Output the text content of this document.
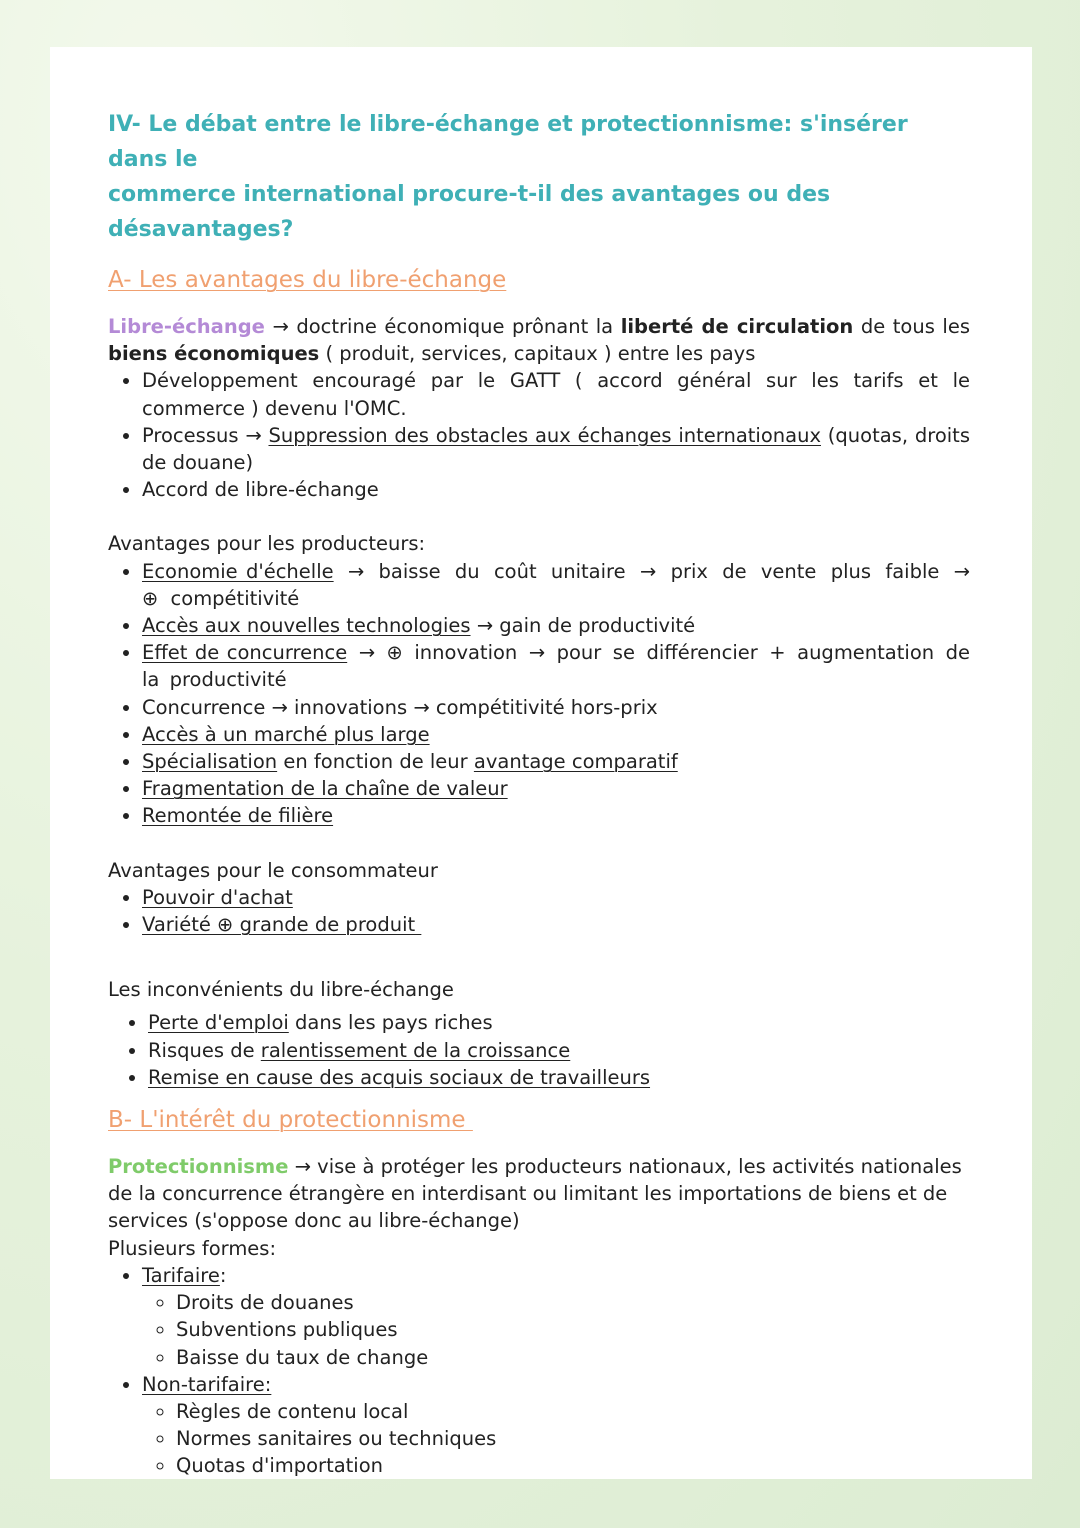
IV- Le débat entre le libre-échange et protectionnisme: s'insérer dans le
commerce international procure-t-il des avantages ou des désavantages?
A- Les avantages du libre-échange

Libre-échange → doctrine économique prônant la liberté de circulation de tous les biens économiques ( produit, services, capitaux ) entre les pays

• Développement encouragé par le GATT ( accord général sur les tarifs et le commerce ) devenu l'OMC.
• Processus → Suppression des obstacles aux échanges internationaux (quotas, droits de douane)
• Accord de libre-échange

Avantages pour les producteurs:

• Economie d'échelle → baisse du coût unitaire → prix de vente plus faible → ⊕ compétitivité
• Accès aux nouvelles technologies → gain de productivité
• Effet de concurrence → ⊕ innovation → pour se différencier + augmentation de la productivité
• Concurrence → innovations → compétitivité hors-prix
• Accès à un marché plus large
• Spécialisation en fonction de leur avantage comparatif
• Fragmentation de la chaîne de valeur
• Remontée de filière

Avantages pour le consommateur

• Pouvoir d'achat
• Variété ⊕ grande de produit

Les inconvénients du libre-échange

• Perte d'emploi dans les pays riches
• Risques de ralentissement de la croissance
• Remise en cause des acquis sociaux de travailleurs
B- L'intérêt du protectionnisme

Protectionnisme → vise à protéger les producteurs nationaux, les activités nationales de la concurrence étrangère en interdisant ou limitant les importations de biens et de services (s'oppose donc au libre-échange)

Plusieurs formes:

• Tarifaire:
◦ Droits de douanes
◦ Subventions publiques
◦ Baisse du taux de change
• Non-tarifaire:
◦ Règles de contenu local
◦ Normes sanitaires ou techniques
◦ Quotas d'importation
